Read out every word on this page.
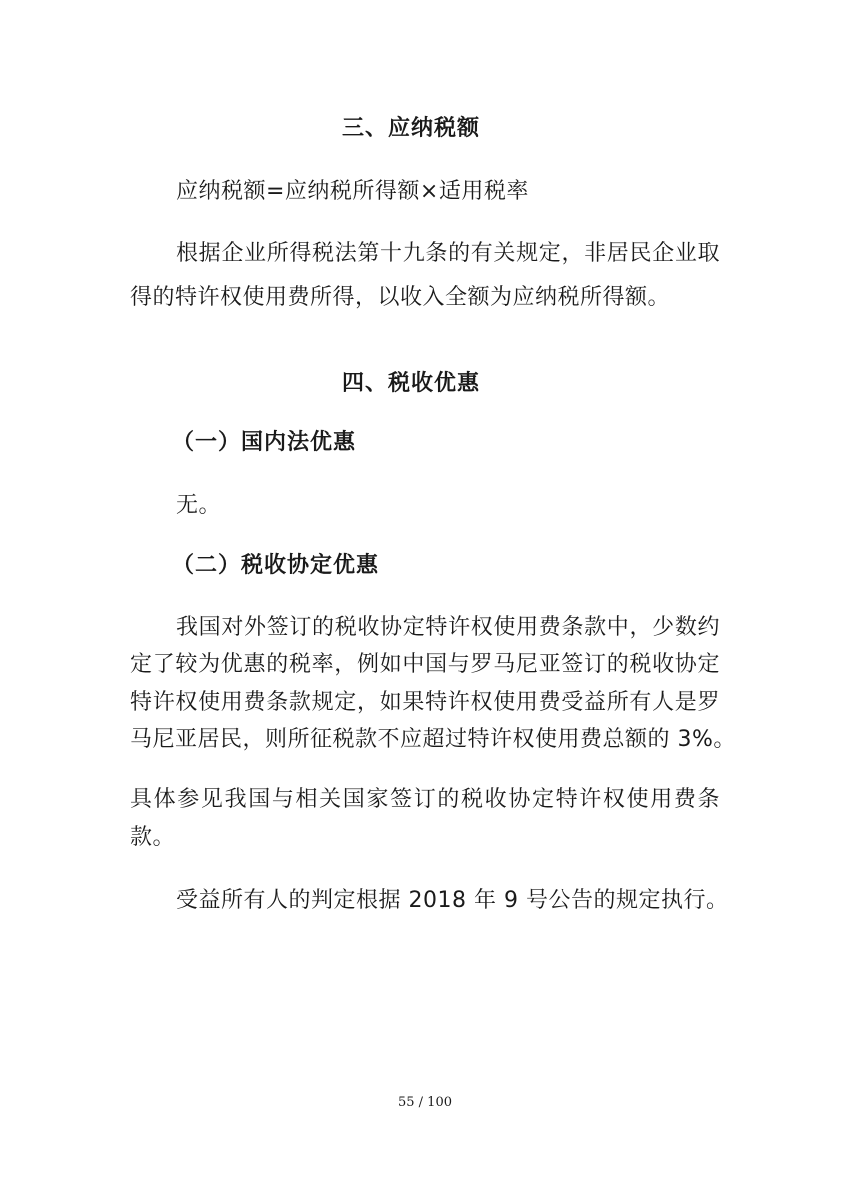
三、应纳税额
应纳税额=应纳税所得额×适用税率
根据企业所得税法第十九条的有关规定，非居民企业取
得的特许权使用费所得，以收入全额为应纳税所得额。
四、税收优惠
（一）国内法优惠
无。
（二）税收协定优惠
我国对外签订的税收协定特许权使用费条款中，少数约
定了较为优惠的税率，例如中国与罗马尼亚签订的税收协定
特许权使用费条款规定，如果特许权使用费受益所有人是罗
马尼亚居民，则所征税款不应超过特许权使用费总额的 3%。
具体参见我国与相关国家签订的税收协定特许权使用费条
款。
受益所有人的判定根据 2018 年 9 号公告的规定执行。
55 / 100
